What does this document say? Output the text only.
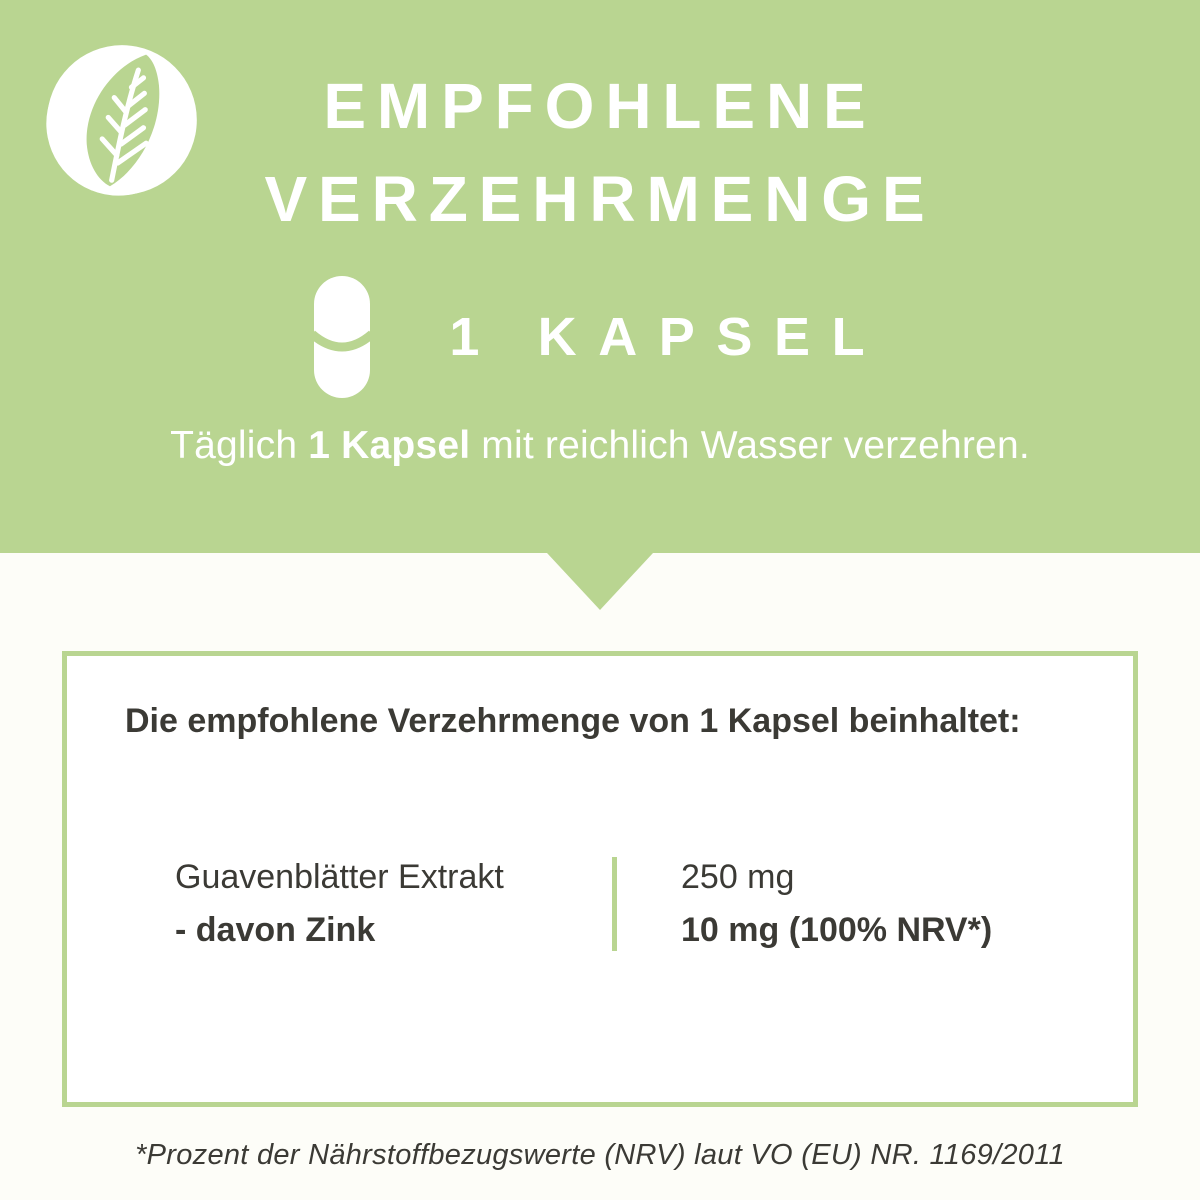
EMPFOHLENE
VERZEHRMENGE
1 KAPSEL
Täglich 1 Kapsel mit reichlich Wasser verzehren.

Die empfohlene Verzehrmenge von 1 Kapsel beinhaltet:

Guavenblätter Extrakt	250 mg
- davon Zink	10 mg (100% NRV*)

*Prozent der Nährstoffbezugswerte (NRV) laut VO (EU) NR. 1169/2011
